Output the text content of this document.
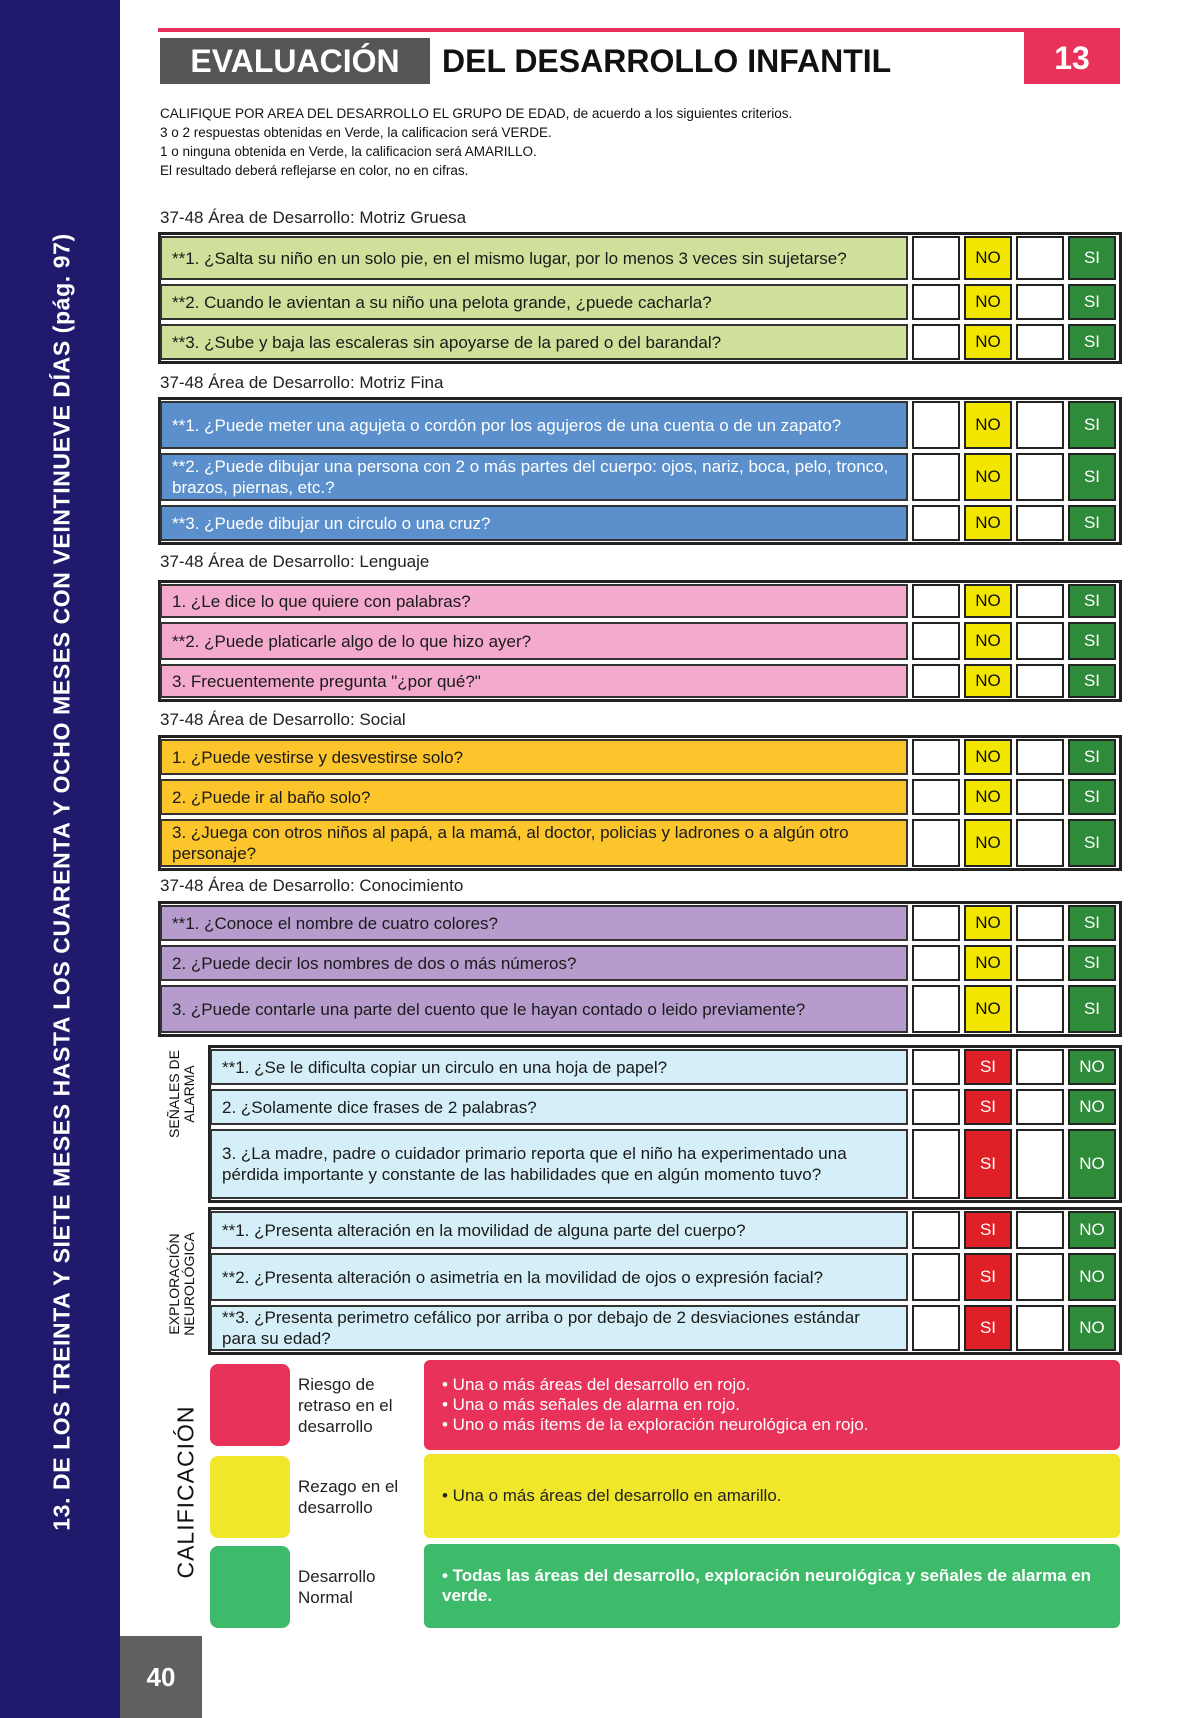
13. DE LOS TREINTA Y SIETE MESES HASTA LOS CUARENTA Y OCHO MESES CON VEINTINUEVE DÍAS (pág. 97)
40
EVALUACIÓN	DEL DESARROLLO INFANTIL	13
CALIFIQUE POR AREA DEL DESARROLLO EL GRUPO DE EDAD, de acuerdo a los siguientes criterios.
3 o 2 respuestas obtenidas en Verde, la calificacion será VERDE.
1 o ninguna obtenida en Verde, la calificacion será AMARILLO.
El resultado deberá reflejarse en color, no en cifras.
37-48 Área de Desarrollo: Motriz Gruesa
**1. ¿Salta su niño en un solo pie, en el mismo lugar, por lo menos 3 veces sin sujetarse?	NO	SI
**2. Cuando le avientan a su niño una pelota grande, ¿puede cacharla?	NO	SI
**3. ¿Sube y baja las escaleras sin apoyarse de la pared o del barandal?	NO	SI
37-48 Área de Desarrollo: Motriz Fina
**1. ¿Puede meter una agujeta o cordón por los agujeros de una cuenta o de un zapato?	NO	SI
**2. ¿Puede dibujar una persona con 2 o más partes del cuerpo: ojos, nariz, boca, pelo, tronco, brazos, piernas, etc.?
NO	SI
**3. ¿Puede dibujar un circulo o una cruz?	NO	SI
37-48 Área de Desarrollo: Lenguaje
1. ¿Le dice lo que quiere con palabras?	NO	SI
**2. ¿Puede platicarle algo de lo que hizo ayer?	NO	SI
3. Frecuentemente pregunta "¿por qué?"	NO	SI
37-48 Área de Desarrollo: Social
1. ¿Puede vestirse y desvestirse solo?	NO	SI
2. ¿Puede ir al baño solo?	NO	SI
3. ¿Juega con otros niños al papá, a la mamá, al doctor, policias y ladrones o a algún otro personaje?
NO	SI
37-48 Área de Desarrollo: Conocimiento
**1. ¿Conoce el nombre de cuatro colores?	NO	SI
2. ¿Puede decir los nombres de dos o más números?	NO	SI
3. ¿Puede contarle una parte del cuento que le hayan contado o leido previamente?	NO	SI
SEÑALES DE ALARMA	**1. ¿Se le dificulta copiar un circulo en una hoja de papel?	SI	NO
2. ¿Solamente dice frases de 2 palabras?	SI	NO
3. ¿La madre, padre o cuidador primario reporta que el niño ha experimentado una pérdida importante y constante de las habilidades que en algún momento tuvo?
SI	NO
EXPLORACIÓN NEUROLÓGICA
**1. ¿Presenta alteración en la movilidad de alguna parte del cuerpo?	SI	NO
**2. ¿Presenta alteración o asimetria en la movilidad de ojos o expresión facial?	SI	NO
**3. ¿Presenta perimetro cefálico por arriba o por debajo de 2 desviaciones estándar para su edad?
SI	NO
CALIFICACIÓN
Riesgo de retraso en el desarrollo
• Una o más áreas del desarrollo en rojo.
• Una o más señales de alarma en rojo.
• Uno o más ítems de la exploración neurológica en rojo.
Rezago en el desarrollo
• Una o más áreas del desarrollo en amarillo.
Desarrollo Normal
• Todas las áreas del desarrollo, exploración neurológica y señales de alarma en verde.
